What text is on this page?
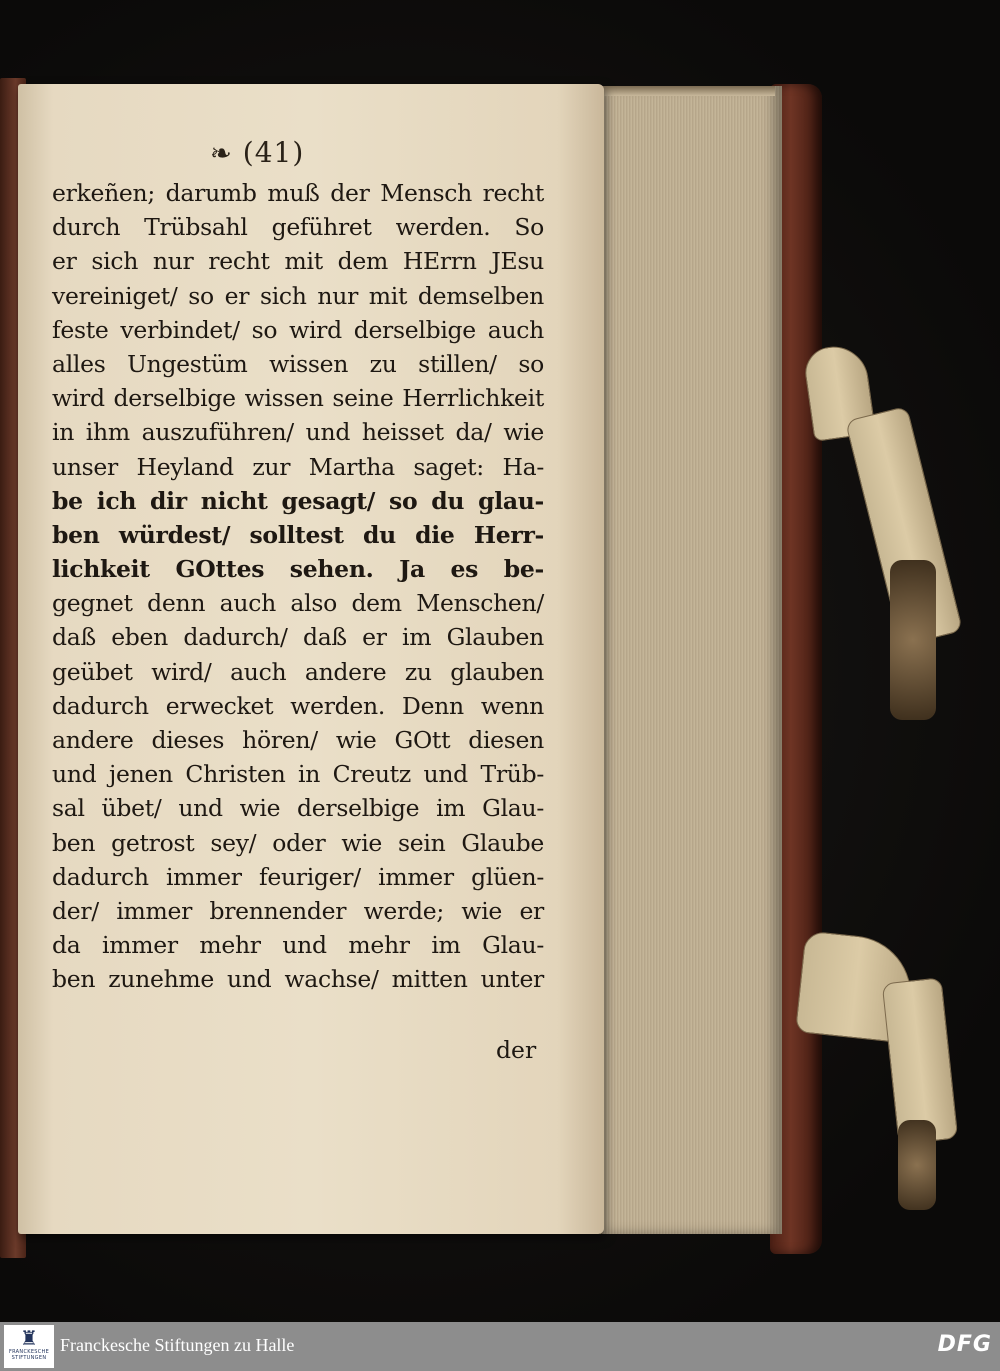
❧ (41)
erkeñen; darumb muß der Mensch recht
durch Trübsahl geführet werden. So
er sich nur recht mit dem HErrn JEsu
vereiniget/ so er sich nur mit demselben
feste verbindet/ so wird derselbige auch
alles Ungestüm wissen zu stillen/ so
wird derselbige wissen seine Herrlichkeit
in ihm auszuführen/ und heisset da/ wie
unser Heyland zur Martha saget: Ha-
be ich dir nicht gesagt/ so du glau-
ben würdest/ solltest du die Herr-
lichkeit GOttes sehen. Ja es be-
gegnet denn auch also dem Menschen/
daß eben dadurch/ daß er im Glauben
geübet wird/ auch andere zu glauben
dadurch erwecket werden. Denn wenn
andere dieses hören/ wie GOtt diesen
und jenen Christen in Creutz und Trüb-
sal übet/ und wie derselbige im Glau-
ben getrost sey/ oder wie sein Glaube
dadurch immer feuriger/ immer glüen-
der/ immer brennender werde; wie er
da immer mehr und mehr im Glau-
ben zunehme und wachse/ mitten unter
der
♜
FRANCKESCHE
STIFTUNGEN
Franckesche Stiftungen zu Halle	DFG
